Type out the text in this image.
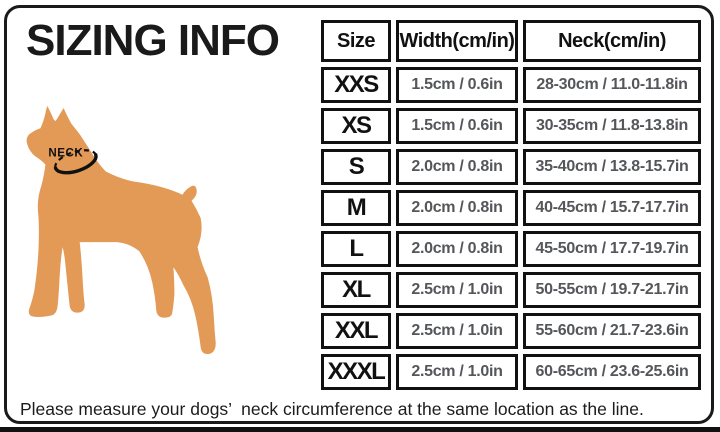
SIZING INFO
NECK
Size	Width(cm/in)	Neck(cm/in)
XXS	1.5cm / 0.6in	28-30cm / 11.0-11.8in
XS	1.5cm / 0.6in	30-35cm / 11.8-13.8in
S	2.0cm / 0.8in	35-40cm / 13.8-15.7in
M	2.0cm / 0.8in	40-45cm / 15.7-17.7in
L	2.0cm / 0.8in	45-50cm / 17.7-19.7in
XL	2.5cm / 1.0in	50-55cm / 19.7-21.7in
XXL	2.5cm / 1.0in	55-60cm / 21.7-23.6in
XXXL	2.5cm / 1.0in	60-65cm / 23.6-25.6in

Please measure your dogs’  neck circumference at the same location as the line.
